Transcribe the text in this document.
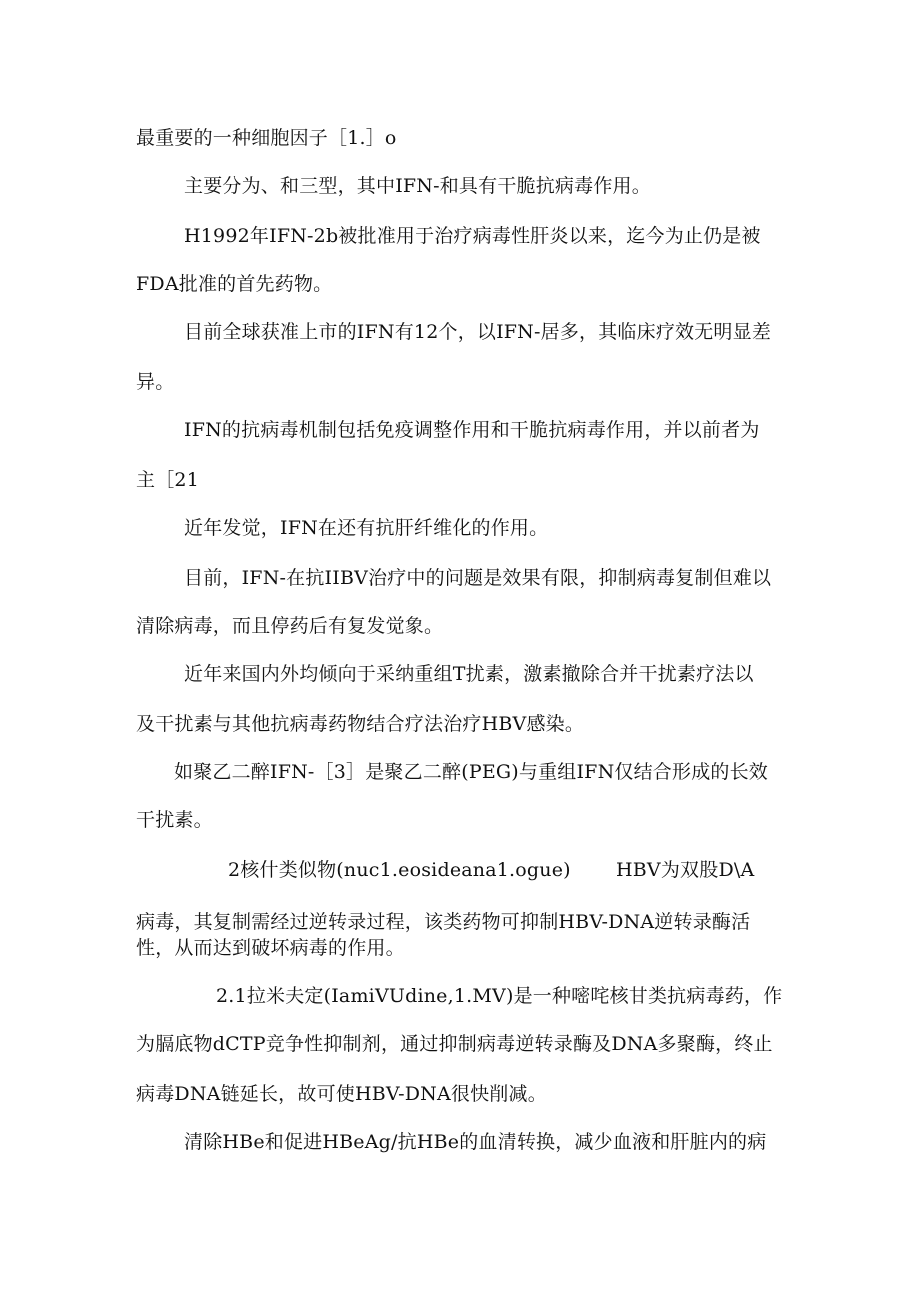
最重要的一种细胞因子［1.］o
主要分为、和三型，其中IFN-和具有干脆抗病毒作用。
H1992年IFN-2b被批准用于治疗病毒性肝炎以来，迄今为止仍是被
FDA批准的首先药物。
目前全球获准上市的IFN有12个，以IFN-居多，其临床疗效无明显差
异。
IFN的抗病毒机制包括免疫调整作用和干脆抗病毒作用，并以前者为
主［21
近年发觉，IFN在还有抗肝纤维化的作用。
目前，IFN-在抗IIBV治疗中的问题是效果有限，抑制病毒复制但难以
清除病毒，而且停药后有复发觉象。
近年来国内外均倾向于采纳重组T扰素，激素撤除合并干扰素疗法以
及干扰素与其他抗病毒药物结合疗法治疗HBV感染。
如聚乙二醉IFN-［3］是聚乙二醉(PEG)与重组IFN仅结合形成的长效
干扰素。
2核什类似物(nuc1.eosideana1.ogue) HBV为双股D\A
病毒，其复制需经过逆转录过程，该类药物可抑制HBV-DNA逆转录酶活
性，从而达到破坏病毒的作用。
2.1拉米夫定(IamiVUdine,1.MV)是一种嘧咤核甘类抗病毒药，作
为膈底物dCTP竞争性抑制剂，通过抑制病毒逆转录酶及DNA多聚酶，终止
病毒DNA链延长，故可使HBV-DNA很快削减。
清除HBe和促进HBeAg/抗HBe的血清转换，减少血液和肝脏内的病
